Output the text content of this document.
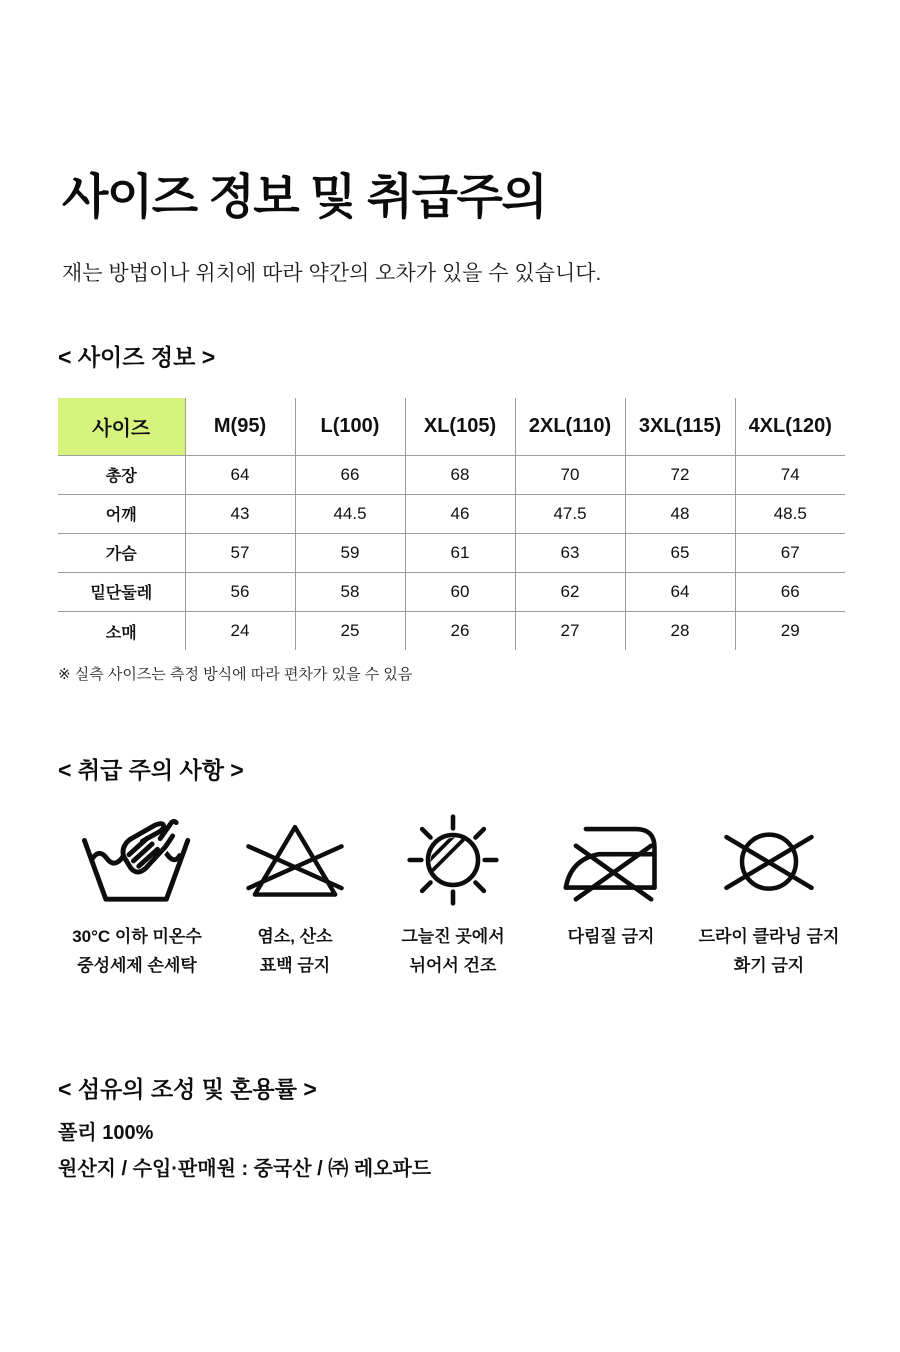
사이즈 정보 및 취급주의
재는 방법이나 위치에 따라 약간의 오차가 있을 수 있습니다.
< 사이즈 정보 >
사이즈	M(95)	L(100)	XL(105)	2XL(110)	3XL(115)	4XL(120)
총장	64	66	68	70	72	74
어깨	43	44.5	46	47.5	48	48.5
가슴	57	59	61	63	65	67
밑단둘레	56	58	60	62	64	66
소매	24	25	26	27	28	29
※ 실측 사이즈는 측정 방식에 따라 편차가 있을 수 있음
< 취급 주의 사항 >
30°C 이하 미온수
중성세제 손세탁
염소, 산소
표백 금지
그늘진 곳에서
뉘어서 건조
다림질 금지	드라이 클라닝 금지
화기 금지
< 섬유의 조성 및 혼용률 >
폴리 100%
원산지 / 수입·판매원 : 중국산 / ㈜ 레오파드
